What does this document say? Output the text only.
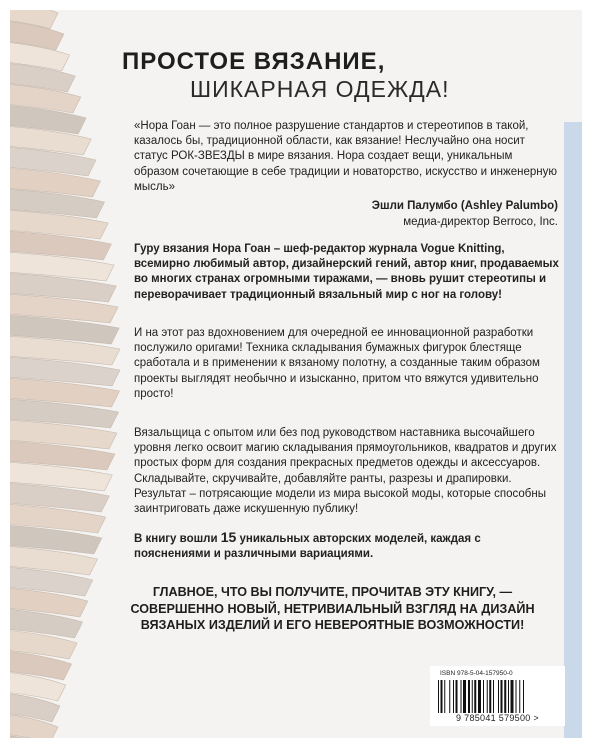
ПРОСТОЕ ВЯЗАНИЕ,
ШИКАРНАЯ ОДЕЖДА!
«Нора Гоан — это полное разрушение стандартов и стереотипов в такой, казалось бы, традиционной области, как вязание! Неслучайно она носит статус РОК-ЗВЕЗДЫ в мире вязания. Нора создает вещи, уникальным образом сочетающие в себе традиции и новаторство, искусство и инженерную мысль»
Эшли Палумбо (Ashley Palumbo)
медиа-директор Berroco, Inc.
Гуру вязания Нора Гоан – шеф-редактор журнала Vogue Knitting, всемирно любимый автор, дизайнерский гений, автор книг, продаваемых во многих странах огромными тиражами, — вновь рушит стереотипы и переворачивает традиционный вязальный мир с ног на голову!
И на этот раз вдохновением для очередной ее инновационной разработки послужило оригами! Техника складывания бумажных фигурок блестяще сработала и в применении к вязаному полотну, а созданные таким образом проекты выглядят необычно и изысканно, притом что вяжутся удивительно просто!
Вязальщица с опытом или без под руководством наставника высочайшего уровня легко освоит магию складывания прямоугольников, квадратов и других простых форм для создания прекрасных предметов одежды и аксессуаров. Складывайте, скручивайте, добавляйте ранты, разрезы и драпировки. Результат – потрясающие модели из мира высокой моды, которые способны заинтриговать даже искушенную публику!
В книгу вошли 15 уникальных авторских моделей, каждая с пояснениями и различными вариациями.
ГЛАВНОЕ, ЧТО ВЫ ПОЛУЧИТЕ, ПРОЧИТАВ ЭТУ КНИГУ, —
СОВЕРШЕННО НОВЫЙ, НЕТРИВИАЛЬНЫЙ ВЗГЛЯД НА ДИЗАЙН
ВЯЗАНЫХ ИЗДЕЛИЙ И ЕГО НЕВЕРОЯТНЫЕ ВОЗМОЖНОСТИ!
ISBN 978-5-04-157950-0
9 785041 579500 >
